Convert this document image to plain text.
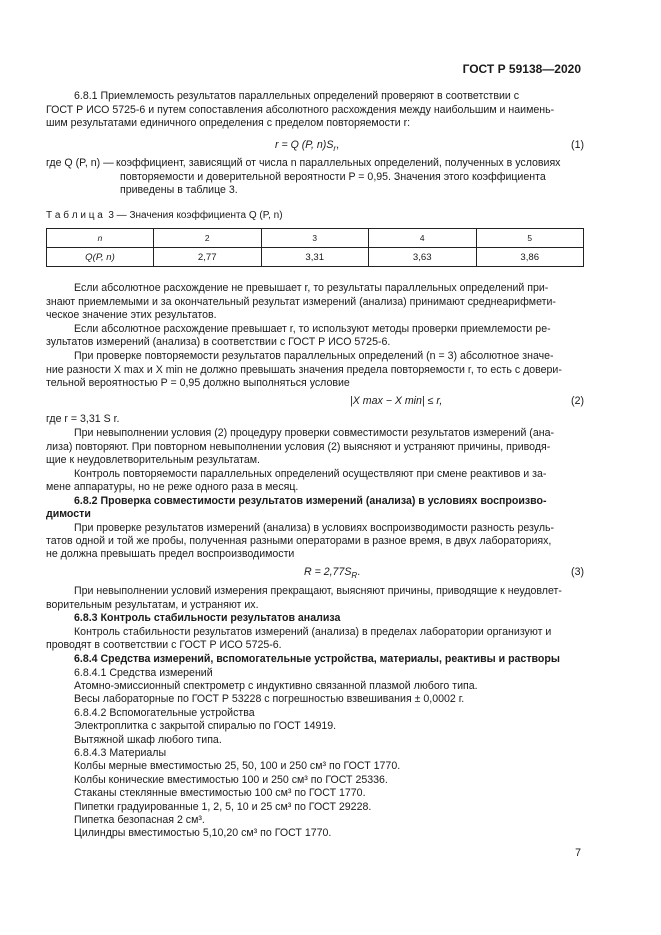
ГОСТ Р 59138—2020
6.8.1 Приемлемость результатов параллельных определений проверяют в соответствии с
ГОСТ Р ИСО 5725-6 и путем сопоставления абсолютного расхождения между наибольшим и наимень-
шим результатами единичного определения с пределом повторяемости r:
r = Q (P, $n)S_r$,	(1)
где Q (P, n) — коэффициент, зависящий от числа n параллельных определений, полученных в условиях
повторяемости и доверительной вероятности P = 0,95. Значения этого коэффициента
приведены в таблице 3.
Т а б л и ц а 3 — Значения коэффициента Q (P, n)
n	2	3	4	5
Q(P, n)	2,77	3,31	3,63	3,86
Если абсолютное расхождение не превышает r, то результаты параллельных определений при-
знают приемлемыми и за окончательный результат измерений (анализа) принимают среднеарифмети-
ческое значение этих результатов.
Если абсолютное расхождение превышает r, то используют методы проверки приемлемости ре-
зультатов измерений (анализа) в соответствии с ГОСТ Р ИСО 5725-6.
При проверке повторяемости результатов параллельных определений (n = 3) абсолютное значе-
ние разности X max и X min не должно превышать значения предела повторяемости r, то есть с довери-
тельной вероятностью P = 0,95 должно выполняться условие
|X max − X min| ≤ r,	(2)
где r = 3,31 S r.
При невыполнении условия (2) процедуру проверки совместимости результатов измерений (ана-
лиза) повторяют. При повторном невыполнении условия (2) выясняют и устраняют причины, приводя-
щие к неудовлетворительным результатам.
Контроль повторяемости параллельных определений осуществляют при смене реактивов и за-
мене аппаратуры, но не реже одного раза в месяц.
6.8.2 Проверка совместимости результатов измерений (анализа) в условиях воспроизво-
димости
При проверке результатов измерений (анализа) в условиях воспроизводимости разность резуль-
татов одной и той же пробы, полученная разными операторами в разное время, в двух лабораториях,
не должна превышать предел воспроизводимости
$R = 2,77S_R$.	(3)
При невыполнении условий измерения прекращают, выясняют причины, приводящие к неудовлет-
ворительным результатам, и устраняют их.
6.8.3 Контроль стабильности результатов анализа
Контроль стабильности результатов измерений (анализа) в пределах лаборатории организуют и
проводят в соответствии с ГОСТ Р ИСО 5725-6.
6.8.4 Средства измерений, вспомогательные устройства, материалы, реактивы и растворы
6.8.4.1 Средства измерений
Атомно-эмиссионный спектрометр с индуктивно связанной плазмой любого типа.
Весы лабораторные по ГОСТ Р 53228 с погрешностью взвешивания ± 0,0002 г.
6.8.4.2 Вспомогательные устройства
Электроплитка с закрытой спиралью по ГОСТ 14919.
Вытяжной шкаф любого типа.
6.8.4.3 Материалы
Колбы мерные вместимостью 25, 50, 100 и 250 см³ по ГОСТ 1770.
Колбы конические вместимостью 100 и 250 см³ по ГОСТ 25336.
Стаканы стеклянные вместимостью 100 см³ по ГОСТ 1770.
Пипетки градуированные 1, 2, 5, 10 и 25 см³ по ГОСТ 29228.
Пипетка безопасная 2 см³.
Цилиндры вместимостью 5,10,20 см³ по ГОСТ 1770.
7
